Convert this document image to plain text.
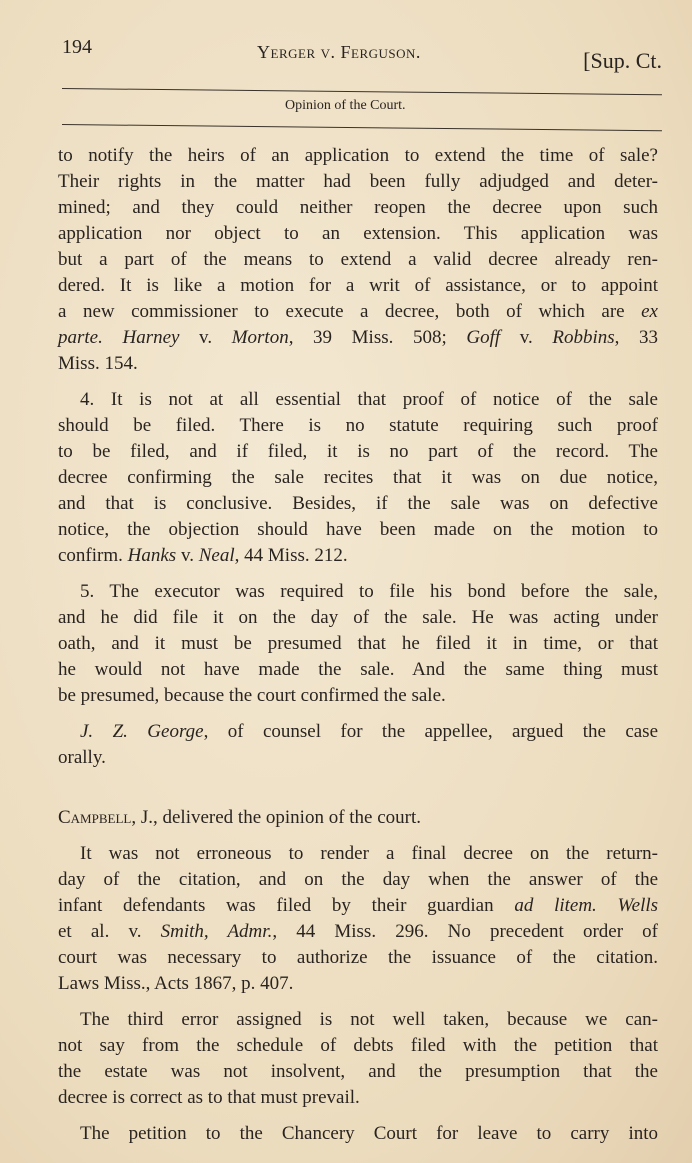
194	Yerger v. Ferguson.	[Sup. Ct.
Opinion of the Court.
to notify the heirs of an application to extend the time of sale?
Their rights in the matter had been fully adjudged and deter-
mined; and they could neither reopen the decree upon such
application nor object to an extension. This application was
but a part of the means to extend a valid decree already ren-
dered. It is like a motion for a writ of assistance, or to appoint
a new commissioner to execute a decree, both of which are ex
parte. Harney v. Morton, 39 Miss. 508; Goff v. Robbins, 33
Miss. 154.
4. It is not at all essential that proof of notice of the sale
should be filed. There is no statute requiring such proof
to be filed, and if filed, it is no part of the record. The
decree confirming the sale recites that it was on due notice,
and that is conclusive. Besides, if the sale was on defective
notice, the objection should have been made on the motion to
confirm. Hanks v. Neal, 44 Miss. 212.
5. The executor was required to file his bond before the sale,
and he did file it on the day of the sale. He was acting under
oath, and it must be presumed that he filed it in time, or that
he would not have made the sale. And the same thing must
be presumed, because the court confirmed the sale.
J. Z. George, of counsel for the appellee, argued the case
orally.
Campbell, J., delivered the opinion of the court.
It was not erroneous to render a final decree on the return-
day of the citation, and on the day when the answer of the
infant defendants was filed by their guardian ad litem. Wells
et al. v. Smith, Admr., 44 Miss. 296. No precedent order of
court was necessary to authorize the issuance of the citation.
Laws Miss., Acts 1867, p. 407.
The third error assigned is not well taken, because we can-
not say from the schedule of debts filed with the petition that
the estate was not insolvent, and the presumption that the
decree is correct as to that must prevail.
The petition to the Chancery Court for leave to carry into
